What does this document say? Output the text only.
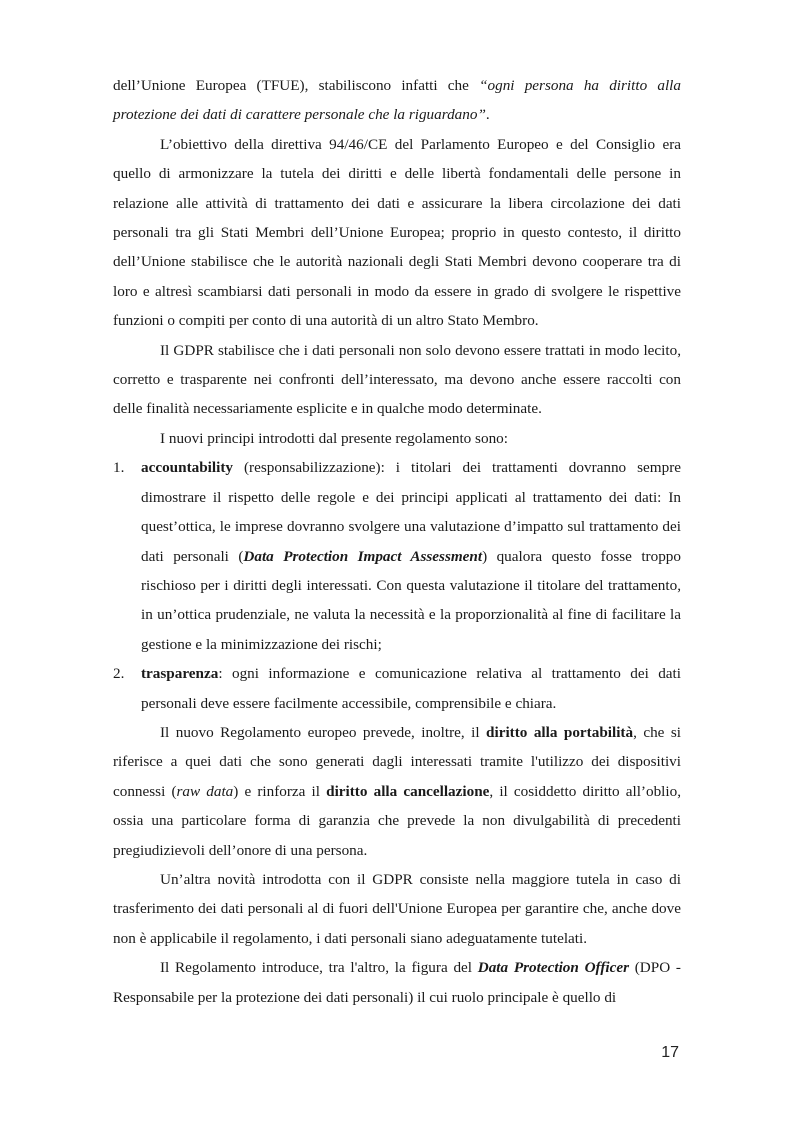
dell’Unione Europea (TFUE), stabiliscono infatti che “ogni persona ha diritto alla protezione dei dati di carattere personale che la riguardano”.

L’obiettivo della direttiva 94/46/CE del Parlamento Europeo e del Consiglio era quello di armonizzare la tutela dei diritti e delle libertà fondamentali delle persone in relazione alle attività di trattamento dei dati e assicurare la libera circolazione dei dati personali tra gli Stati Membri dell’Unione Europea; proprio in questo contesto, il diritto dell’Unione stabilisce che le autorità nazionali degli Stati Membri devono cooperare tra di loro e altresì scambiarsi dati personali in modo da essere in grado di svolgere le rispettive funzioni o compiti per conto di una autorità di un altro Stato Membro.

Il GDPR stabilisce che i dati personali non solo devono essere trattati in modo lecito, corretto e trasparente nei confronti dell’interessato, ma devono anche essere raccolti con delle finalità necessariamente esplicite e in qualche modo determinate.

I nuovi principi introdotti dal presente regolamento sono:

1. accountability (responsabilizzazione): i titolari dei trattamenti dovranno sempre dimostrare il rispetto delle regole e dei principi applicati al trattamento dei dati: In quest’ottica, le imprese dovranno svolgere una valutazione d’impatto sul trattamento dei dati personali (Data Protection Impact Assessment) qualora questo fosse troppo rischioso per i diritti degli interessati. Con questa valutazione il titolare del trattamento, in un’ottica prudenziale, ne valuta la necessità e la proporzionalità al fine di facilitare la gestione e la minimizzazione dei rischi;

2. trasparenza: ogni informazione e comunicazione relativa al trattamento dei dati personali deve essere facilmente accessibile, comprensibile e chiara.

Il nuovo Regolamento europeo prevede, inoltre, il diritto alla portabilità, che si riferisce a quei dati che sono generati dagli interessati tramite l'utilizzo dei dispositivi connessi (raw data) e rinforza il diritto alla cancellazione, il cosiddetto diritto all’oblio, ossia una particolare forma di garanzia che prevede la non divulgabilità di precedenti pregiudizievoli dell’onore di una persona.

Un’altra novità introdotta con il GDPR consiste nella maggiore tutela in caso di trasferimento dei dati personali al di fuori dell'Unione Europea per garantire che, anche dove non è applicabile il regolamento, i dati personali siano adeguatamente tutelati.

Il Regolamento introduce, tra l'altro, la figura del Data Protection Officer (DPO - Responsabile per la protezione dei dati personali) il cui ruolo principale è quello di

17
